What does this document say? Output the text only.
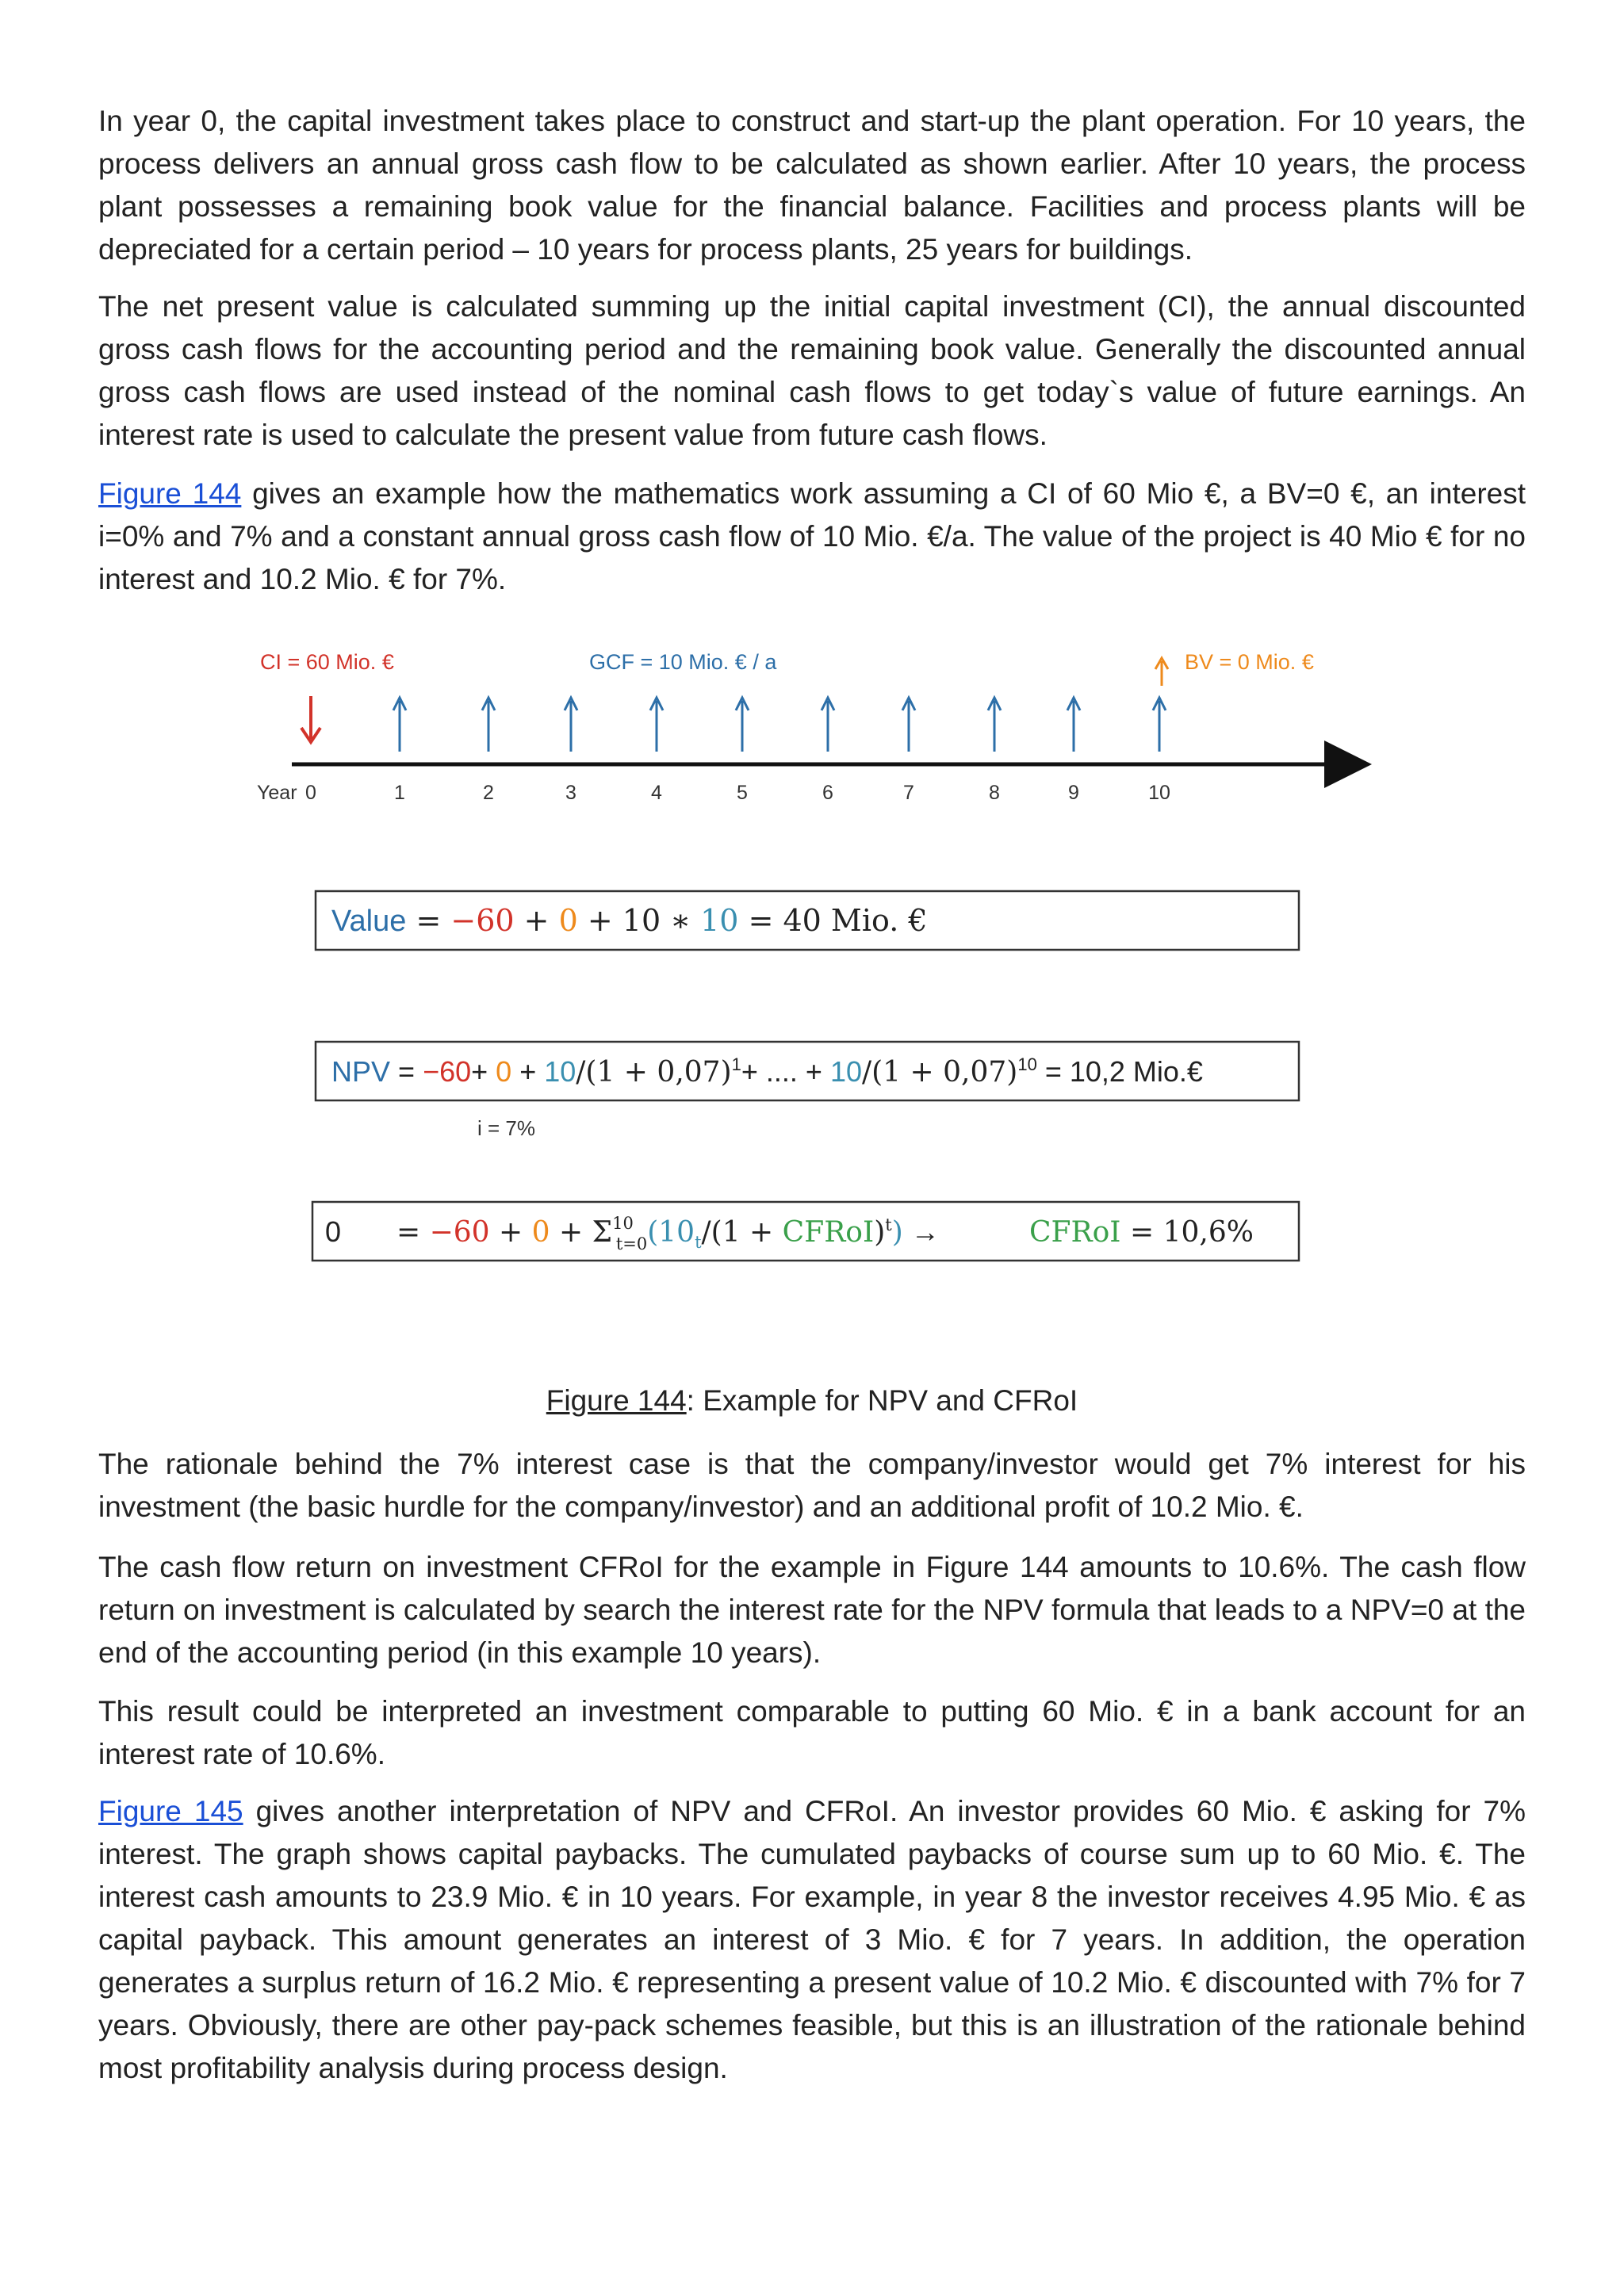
In year 0, the capital investment takes place to construct and start-up the plant operation. For 10 years, the process delivers an annual gross cash flow to be calculated as shown earlier. After 10 years, the process plant possesses a remaining book value for the financial balance. Facilities and process plants will be depreciated for a certain period – 10 years for process plants, 25 years for buildings.

The net present value is calculated summing up the initial capital investment (CI), the annual discounted gross cash flows for the accounting period and the remaining book value. Generally the discounted annual gross cash flows are used instead of the nominal cash flows to get today`s value of future earnings. An interest rate is used to calculate the present value from future cash flows.

Figure 144 gives an example how the mathematics work assuming a CI of 60 Mio €, a BV=0 €, an interest i=0% and 7% and a constant annual gross cash flow of 10 Mio. €/a. The value of the project is 40 Mio € for no interest and 10.2 Mio. € for 7%.

CI = 60 Mio. €	GCF = 10 Mio. € / a	BV = 0 Mio. €
Year 0	1	2	3	4	5	6	7	8	9	10
Value = −60 + 0 + 10 ∗ 10 = 40 Mio. €
NPV = $-60+ 0 + 10/(1 + 0,07)^1+$ .... + $10/(1 + 0,07)^{10} = 10,2$ Mio.€
i = 7%
$0 = -60 + 0 + \Sigma^{10}$ $t=0(10_t/(1$ + CFRoI)$^t$) →	CFRoI = 10,6%
Figure 144: Example for NPV and CFRoI

The rationale behind the 7% interest case is that the company/investor would get 7% interest for his investment (the basic hurdle for the company/investor) and an additional profit of 10.2 Mio. €.

The cash flow return on investment CFRoI for the example in Figure 144 amounts to 10.6%. The cash flow return on investment is calculated by search the interest rate for the NPV formula that leads to a NPV=0 at the end of the accounting period (in this example 10 years).

This result could be interpreted an investment comparable to putting 60 Mio. € in a bank account for an interest rate of 10.6%.

Figure 145 gives another interpretation of NPV and CFRoI. An investor provides 60 Mio. € asking for 7% interest. The graph shows capital paybacks. The cumulated paybacks of course sum up to 60 Mio. €. The interest cash amounts to 23.9 Mio. € in 10 years. For example, in year 8 the investor receives 4.95 Mio. € as capital payback. This amount generates an interest of 3 Mio. € for 7 years. In addition, the operation generates a surplus return of 16.2 Mio. € representing a present value of 10.2 Mio. € discounted with 7% for 7 years. Obviously, there are other pay-pack schemes feasible, but this is an illustration of the rationale behind most profitability analysis during process design.
